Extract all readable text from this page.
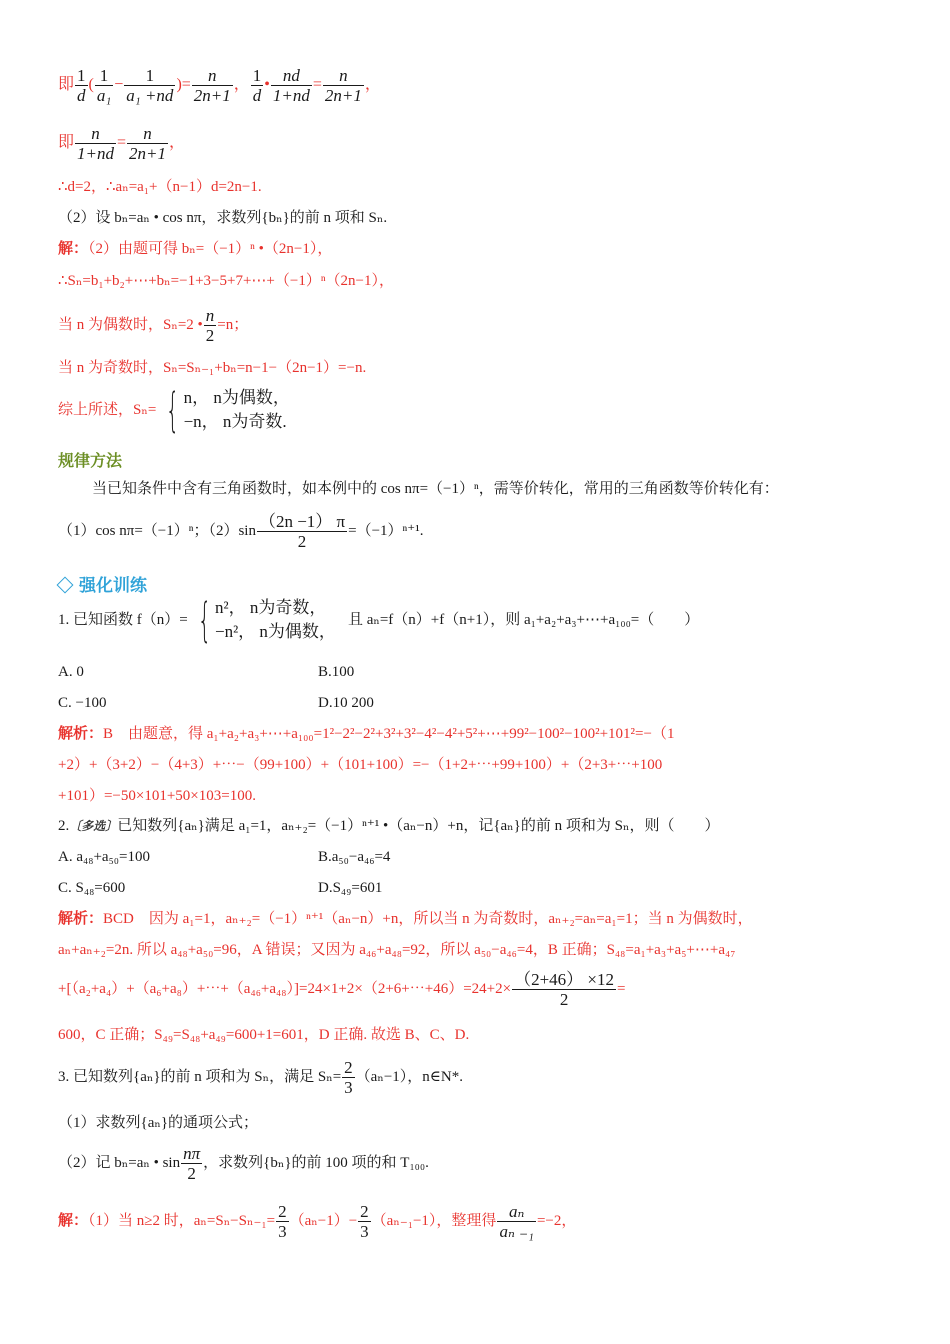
即 $\frac{1}{d}$ ( $\frac{1}{\text{a₁}} - \frac{1}{\text{a₁ +nd}}$ )= $\frac{n}{2n+1}$ ， $\frac{1}{d}$ • $\frac{nd}{1+nd} = \frac{n}{2n+1}$ ，
即 $\frac{n}{1+nd} = \frac{n}{2n+1}$ ，
∴d=2，∴aₙ=a₁+（n−1）d=2n−1.
（2）设 bₙ=aₙ • cos nπ，求数列{bₙ}的前 n 项和 Sₙ.
解：（2）由题可得 bₙ=（−1）ⁿ •（2n−1），
∴Sₙ=b₁+b₂+⋯+bₙ=−1+3−5+7+⋯+（−1）ⁿ（2n−1），
当 n 为偶数时，Sₙ=2 • $\frac{n}{2} =n$；
当 n 为奇数时，Sₙ=Sₙ₋₁+bₙ=n−1−（2n−1）=−n.
综上所述，Sₙ= { n， n为偶数，
−n， n为奇数.
规律方法
当已知条件中含有三角函数时，如本例中的 cos nπ=（−1）ⁿ，需等价转化，常用的三角函数等价转化有：
（1）cos nπ=（−1）ⁿ；$(2)\sin \frac{(2n -1) \pi}{2} =(-1)^{n+1}$.
强化训练
1. 已知函数 f（n）= { n²， n为奇数，
−n²， n为偶数，
且 aₙ=f（n）+f（n+1），则 a₁+a₂+a₃+⋯+a₁₀₀=（　　）
A. 0	B.100
C. −100	D.10 200
解析：B　由题意，得 a₁+a₂+a₃+⋯+a₁₀₀=1²−2²−2²+3²+3²−4²−4²+5²+⋯+99²−100²−100²+101²=−（1
+2）+（3+2）−（4+3）+⋯−（99+100）+（101+100）=−（1+2+⋯+99+100）+（2+3+⋯+100
+101）=−50×101+50×103=100.
2.〔多选〕已知数列{aₙ}满足 a₁=1，aₙ₊₂=（−1）ⁿ⁺¹ •（aₙ−n）+n，记{aₙ}的前 n 项和为 Sₙ，则（　　）
A. a₄₈+a₅₀=100	B.a₅₀−a₄₆=4
C. S₄₈=600	D.S₄₉=601
解析：BCD　因为 a₁=1，aₙ₊₂=（−1）ⁿ⁺¹（aₙ−n）+n，所以当 n 为奇数时，aₙ₊₂=aₙ=a₁=1；当 n 为偶数时，
aₙ+aₙ₊₂=2n. 所以 a₄₈+a₅₀=96，A 错误；又因为 a₄₆+a₄₈=92，所以 a₅₀−a₄₆=4，B 正确；S₄₈=a₁+a₃+a₅+⋯+a₄₇
+[（a₂+a₄）+（a₆+a₈）+⋯+（a₄₆+a₄₈）]=24×1+2×（2+6+⋯+46）=24+2× $\frac{(2+46) \times 12}{2}$ =
600，C 正确；S₄₉=S₄₈+a₄₉=600+1=601，D 正确. 故选 B、C、D.
3. 已知数列{aₙ}的前 n 项和为 Sₙ，满足 $S_n= \frac{2}{3} (a_n-1)$，n∈N*.
（1）求数列{aₙ}的通项公式；
（2）记 bₙ=aₙ • $\sin \frac{n\pi}{2}$ ，求数列{bₙ}的前 100 项的和 T₁₀₀.
解：（1）当 n≥2 时，$a_n=S_n-S_{n-1}= \frac{2}{3} (a_n-1)- \frac{2}{3} (a_{n-1}-1)$，整理得 $\frac{\text{aₙ}}{\text{aₙ ₋₁}} =-2$，
